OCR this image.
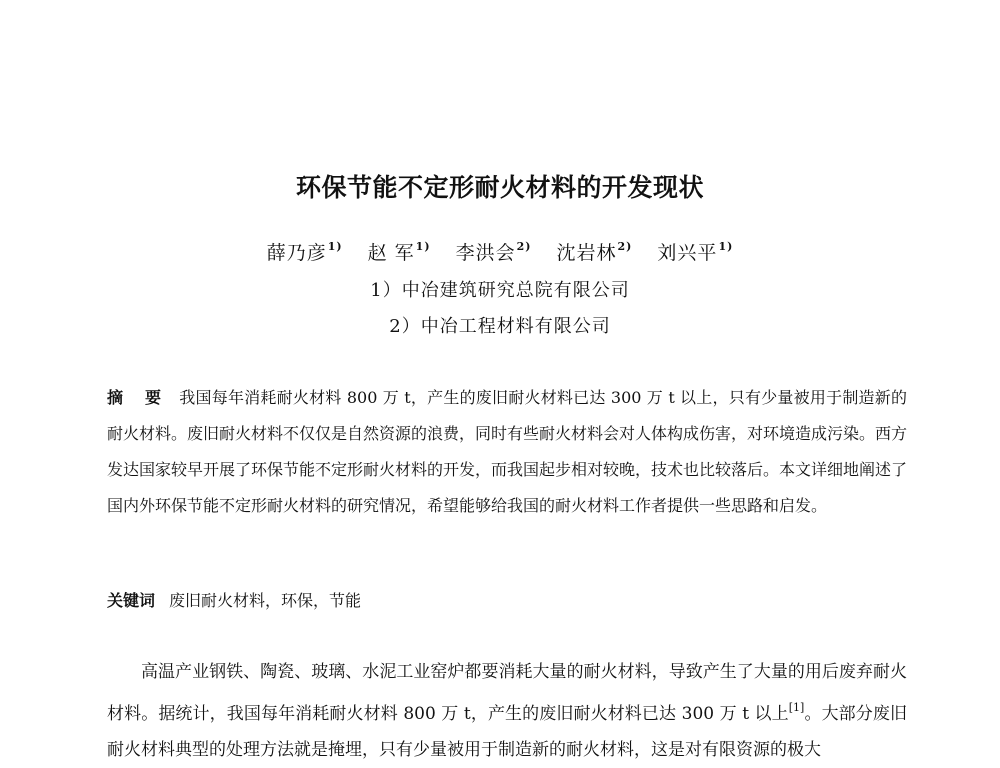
环保节能不定形耐火材料的开发现状
薛乃彦$^{1)}$ 赵 军$^{1)}$ 李洪会$^{2)}$ 沈岩林$^{2)}$ 刘兴平$^{1)}$
1）中冶建筑研究总院有限公司
2）中冶工程材料有限公司
摘 要 我国每年消耗耐火材料 800 万 t，产生的废旧耐火材料已达 300 万 t 以上，只有少量被用于制造新的耐火材料。废旧耐火材料不仅仅是自然资源的浪费，同时有些耐火材料会对人体构成伤害，对环境造成污染。西方发达国家较早开展了环保节能不定形耐火材料的开发，而我国起步相对较晚，技术也比较落后。本文详细地阐述了国内外环保节能不定形耐火材料的研究情况，希望能够给我国的耐火材料工作者提供一些思路和启发。
关键词 废旧耐火材料，环保，节能
高温产业钢铁、陶瓷、玻璃、水泥工业窑炉都要消耗大量的耐火材料，导致产生了大量的用后废弃耐火材料。据统计，我国每年消耗耐火材料 800 万 t，产生的废旧耐火材料已达 300 万 t 以上[1]。大部分废旧耐火材料典型的处理方法就是掩埋，只有少量被用于制造新的耐火材料，这是对有限资源的极大
